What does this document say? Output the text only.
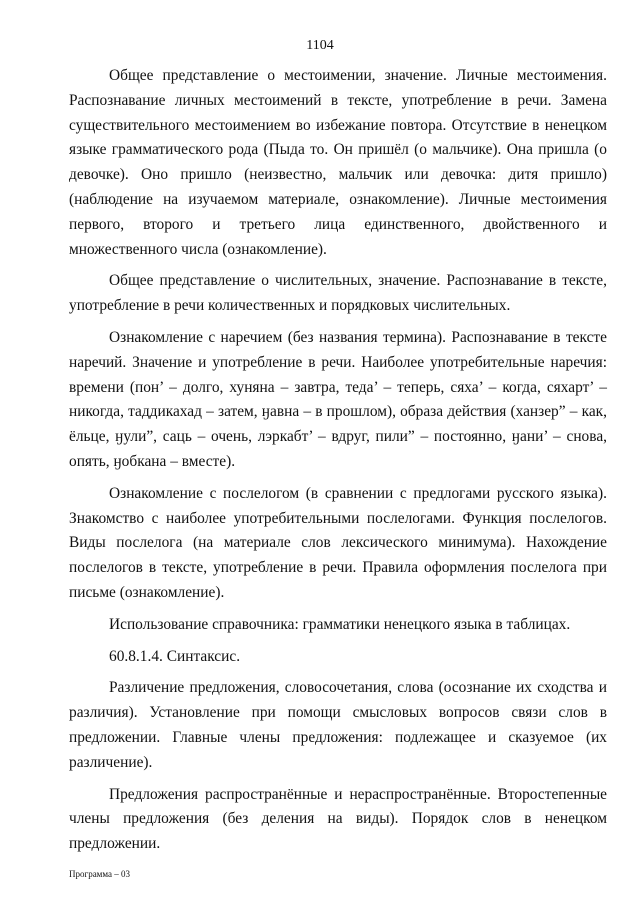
1104

Общее представление о местоимении, значение. Личные местоимения. Распознавание личных местоимений в тексте, употребление в речи. Замена существительного местоимением во избежание повтора. Отсутствие в ненецком языке грамматического рода (Пыда то. Он пришёл (о мальчике). Она пришла (о девочке). Оно пришло (неизвестно, мальчик или девочка: дитя пришло) (наблюдение на изучаемом материале, ознакомление). Личные местоимения первого, второго и третьего лица единственного, двойственного и множественного числа (ознакомление).

Общее представление о числительных, значение. Распознавание в тексте, употребление в речи количественных и порядковых числительных.

Ознакомление с наречием (без названия термина). Распознавание в тексте наречий. Значение и употребление в речи. Наиболее употребительные наречия: времени (пон’ – долго, хуняна – завтра, теда’ – теперь, сяха’ – когда, сяхарт’ – никогда, таддикахад – затем, ӈавна – в прошлом), образа действия (ханзер” – как, ёльце, ӈули”, саць – очень, лэркабт’ – вдруг, пили” – постоянно, ӈани’ – снова, опять, ӈобкана – вместе).

Ознакомление с послелогом (в сравнении с предлогами русского языка). Знакомство с наиболее употребительными послелогами. Функция послелогов. Виды послелога (на материале слов лексического минимума). Нахождение послелогов в тексте, употребление в речи. Правила оформления послелога при письме (ознакомление).

Использование справочника: грамматики ненецкого языка в таблицах.

60.8.1.4. Синтаксис.

Различение предложения, словосочетания, слова (осознание их сходства и различия). Установление при помощи смысловых вопросов связи слов в предложении. Главные члены предложения: подлежащее и сказуемое (их различение).

Предложения распространённые и нераспространённые. Второстепенные члены предложения (без деления на виды). Порядок слов в ненецком предложении.

Программа – 03
